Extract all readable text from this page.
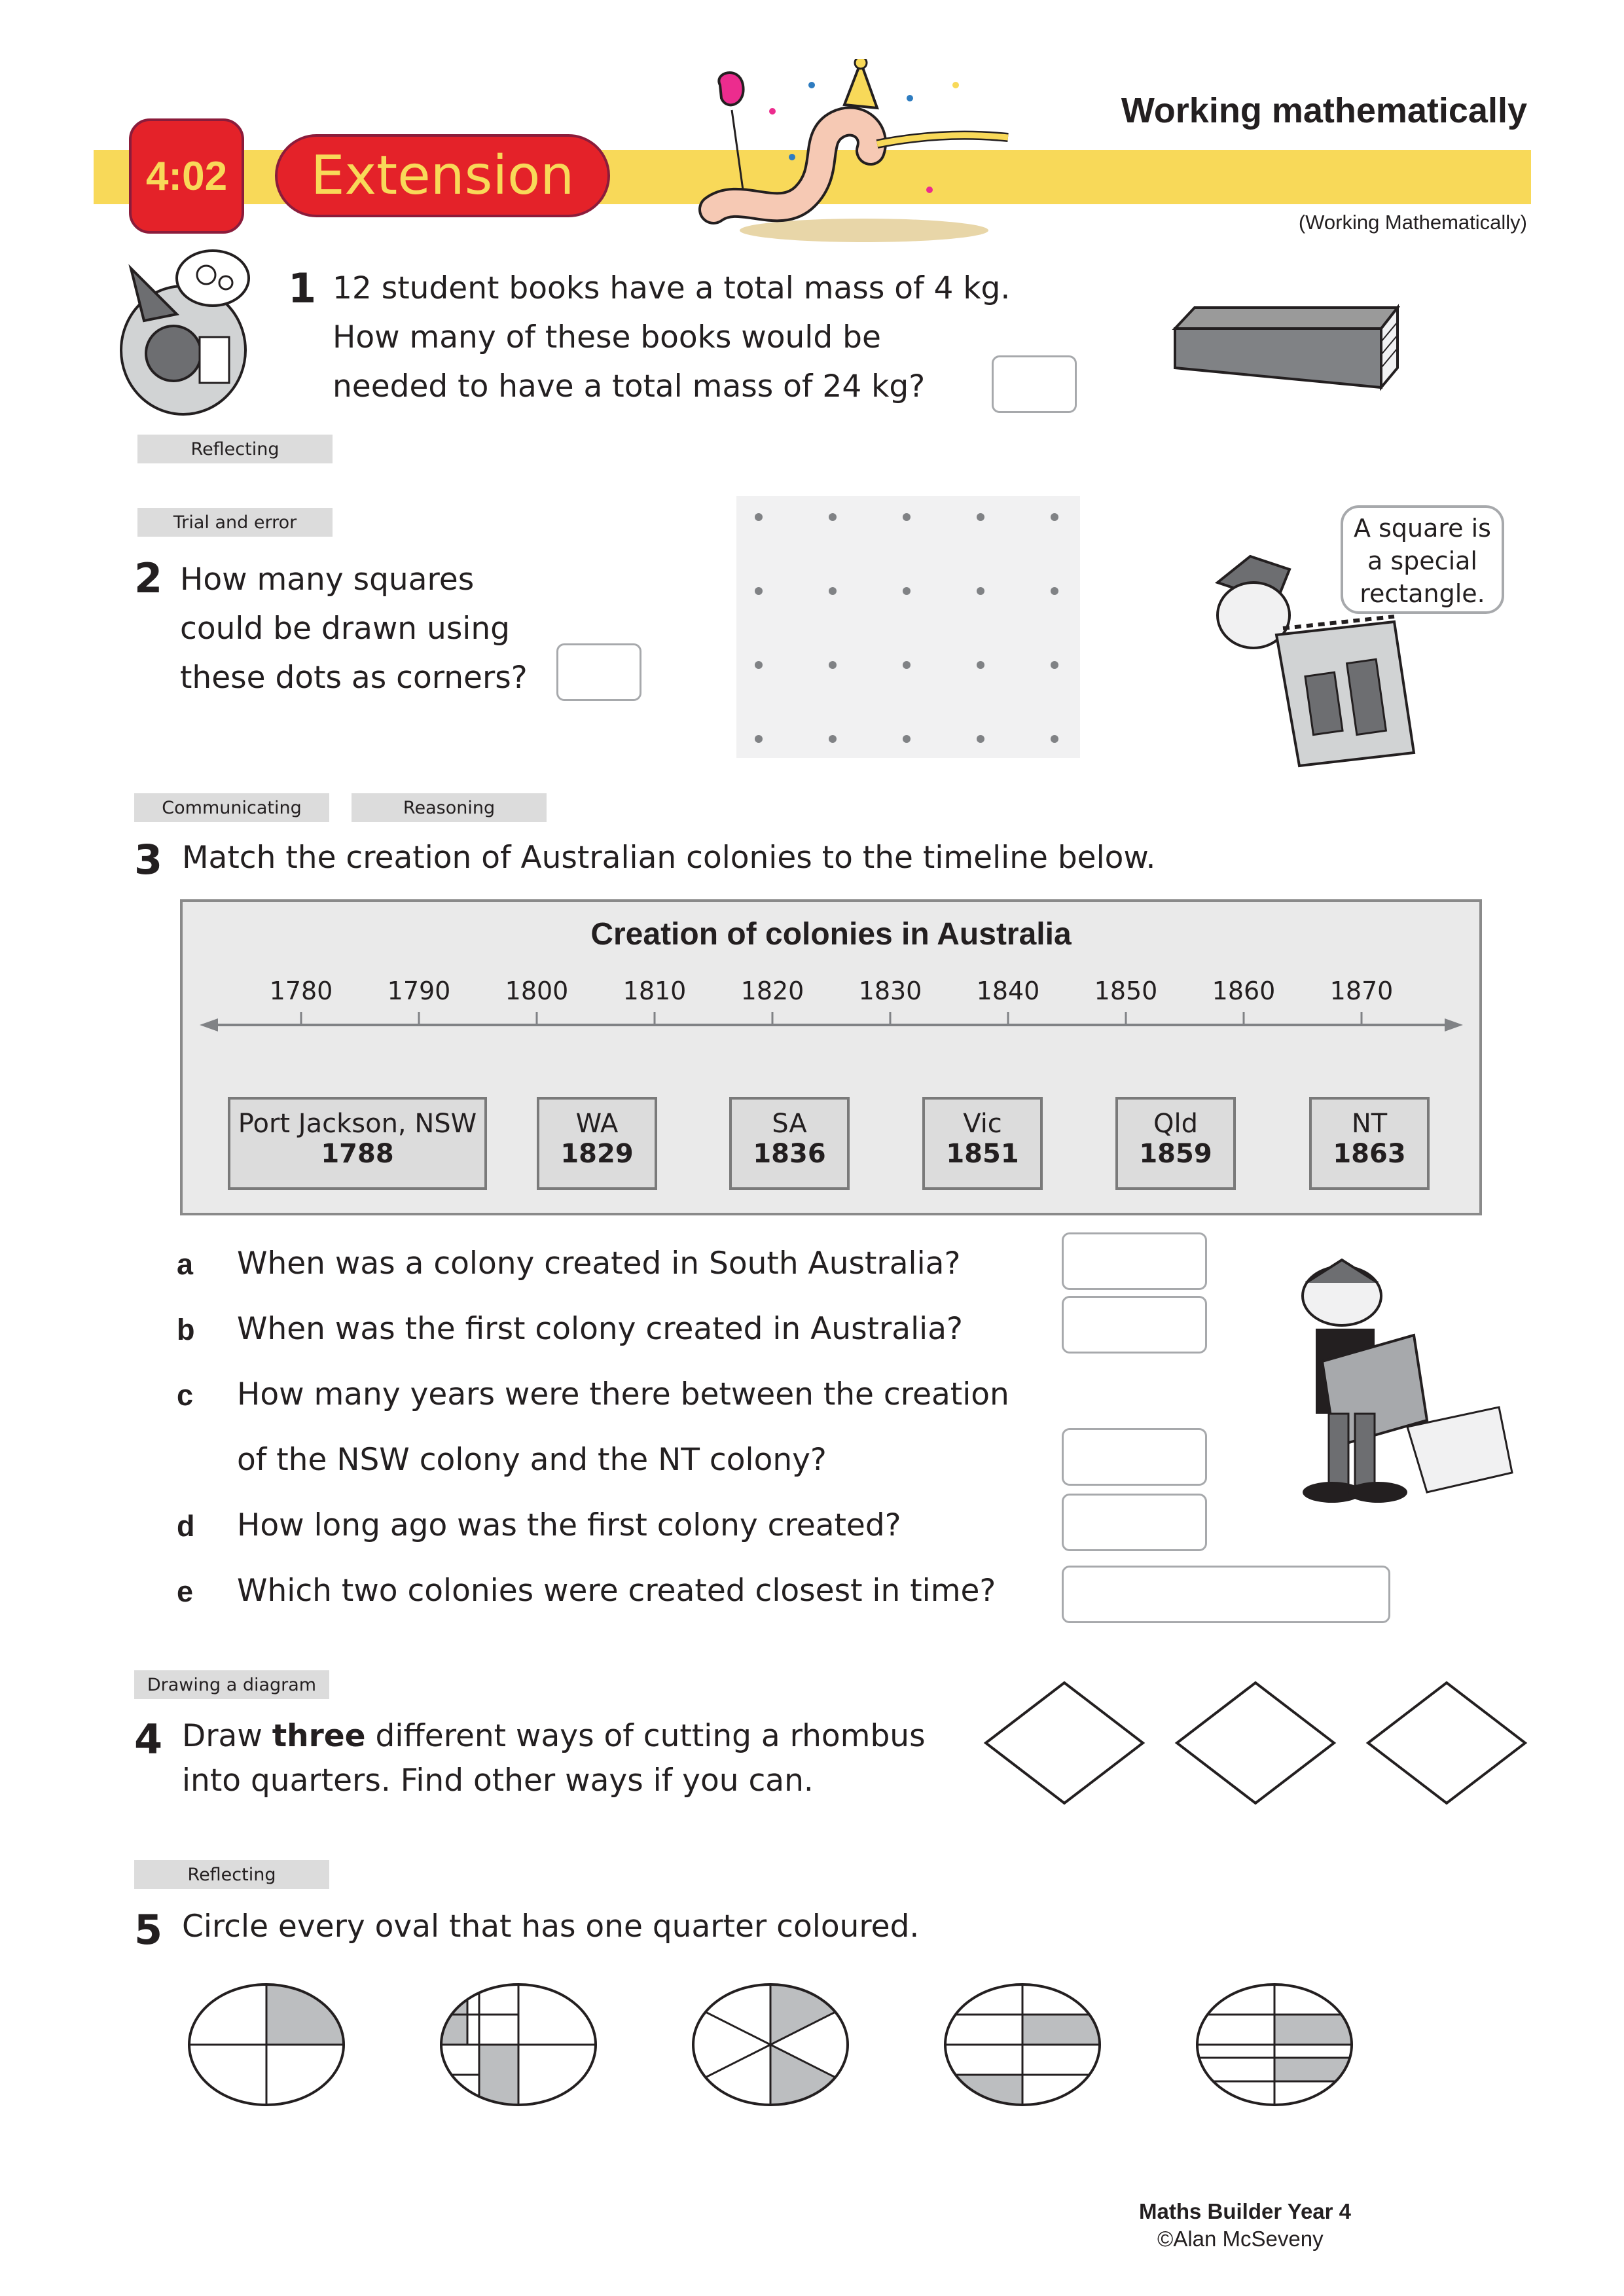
4:02	Extension
Working mathematically
(Working Mathematically)
1 12 student books have a total mass of 4 kg.
How many of these books would be
needed to have a total mass of 24 kg?
Reflecting
Trial and error
2 How many squares
could be drawn using
these dots as corners?
A square is
a special
rectangle.
Communicating	Reasoning
3 Match the creation of Australian colonies to the timeline below.
Creation of colonies in Australia
1780	1790	1800	1810	1820	1830	1840	1850	1860	1870
Port Jackson, NSW
1788
WA
1829
SA
1836
Vic
1851
Qld
1859
NT
1863
a When was a colony created in South Australia?
b When was the first colony created in Australia?
c How many years were there between the creation
of the NSW colony and the NT colony?
d How long ago was the first colony created?
e Which two colonies were created closest in time?
Drawing a diagram
4 Draw three different ways of cutting a rhombus
into quarters. Find other ways if you can.
Reflecting
5 Circle every oval that has one quarter coloured.
Maths Builder Year 4
©Alan McSeveny
